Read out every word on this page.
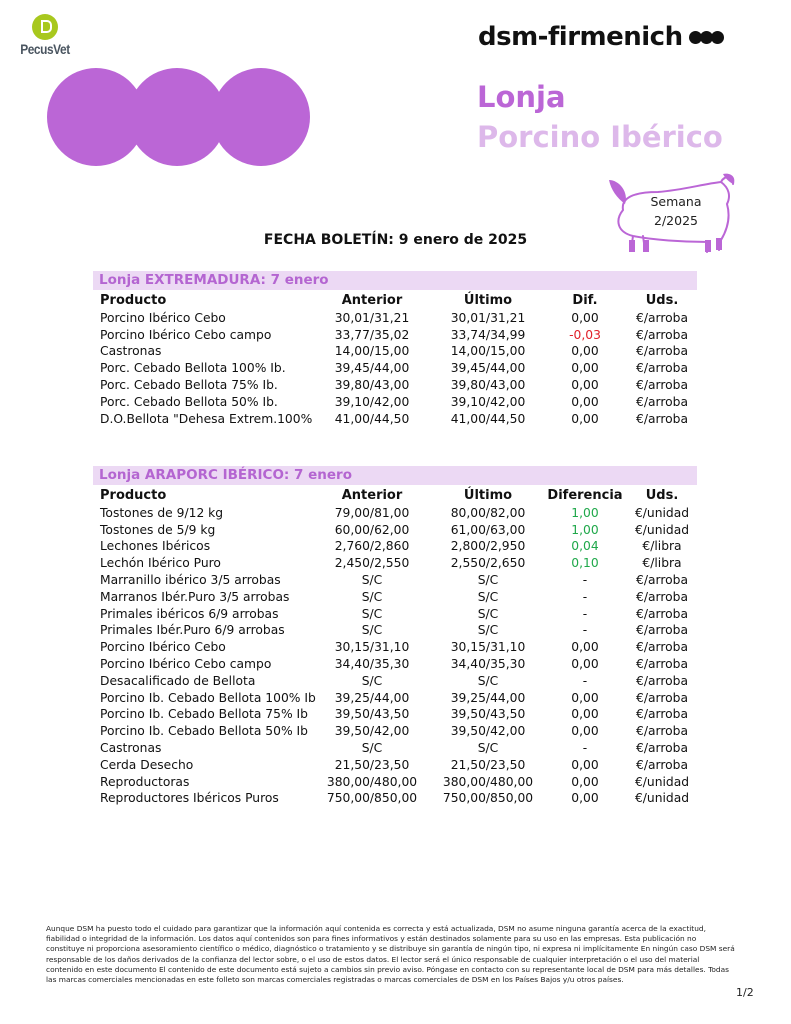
PecusVet	dsm-firmenich
Lonja
Porcino Ibérico
Semana
2/2025
FECHA BOLETÍN: 9 enero de 2025
Lonja EXTREMADURA: 7 enero
Producto	Anterior	Último	Dif.	Uds.
Porcino Ibérico Cebo	30,01/31,21	30,01/31,21	0,00	€/arroba
Porcino Ibérico Cebo campo	33,77/35,02	33,74/34,99	-0,03	€/arroba
Castronas	14,00/15,00	14,00/15,00	0,00	€/arroba
Porc. Cebado Bellota 100% Ib.	39,45/44,00	39,45/44,00	0,00	€/arroba
Porc. Cebado Bellota 75% Ib.	39,80/43,00	39,80/43,00	0,00	€/arroba
Porc. Cebado Bellota 50% Ib.	39,10/42,00	39,10/42,00	0,00	€/arroba
D.O.Bellota "Dehesa Extrem.100%	41,00/44,50	41,00/44,50	0,00	€/arroba
Lonja ARAPORC IBÉRICO: 7 enero
Producto	Anterior	Último	Diferencia	Uds.
Tostones de 9/12 kg	79,00/81,00	80,00/82,00	1,00	€/unidad
Tostones de 5/9 kg	60,00/62,00	61,00/63,00	1,00	€/unidad
Lechones Ibéricos	2,760/2,860	2,800/2,950	0,04	€/libra
Lechón Ibérico Puro	2,450/2,550	2,550/2,650	0,10	€/libra
Marranillo ibérico 3/5 arrobas	S/C	S/C	-	€/arroba
Marranos Ibér.Puro 3/5 arrobas	S/C	S/C	-	€/arroba
Primales ibéricos 6/9 arrobas	S/C	S/C	-	€/arroba
Primales Ibér.Puro 6/9 arrobas	S/C	S/C	-	€/arroba
Porcino Ibérico Cebo	30,15/31,10	30,15/31,10	0,00	€/arroba
Porcino Ibérico Cebo campo	34,40/35,30	34,40/35,30	0,00	€/arroba
Desacalificado de Bellota	S/C	S/C	-	€/arroba
Porcino Ib. Cebado Bellota 100% Ib	39,25/44,00	39,25/44,00	0,00	€/arroba
Porcino Ib. Cebado Bellota 75% Ib	39,50/43,50	39,50/43,50	0,00	€/arroba
Porcino Ib. Cebado Bellota 50% Ib	39,50/42,00	39,50/42,00	0,00	€/arroba
Castronas	S/C	S/C	-	€/arroba
Cerda Desecho	21,50/23,50	21,50/23,50	0,00	€/arroba
Reproductoras	380,00/480,00	380,00/480,00	0,00	€/unidad
Reproductores Ibéricos Puros	750,00/850,00	750,00/850,00	0,00	€/unidad
Aunque DSM ha puesto todo el cuidado para garantizar que la información aquí contenida es correcta y está actualizada, DSM no asume ninguna garantía acerca de la exactitud, fiabilidad o integridad de la información. Los datos aquí contenidos son para fines informativos y están destinados solamente para su uso en las empresas. Esta publicación no constituye ni proporciona asesoramiento científico o médico, diagnóstico o tratamiento y se distribuye sin garantía de ningún tipo, ni expresa ni implícitamente En ningún caso DSM será responsable de los daños derivados de la confianza del lector sobre, o el uso de estos datos. El lector será el único responsable de cualquier interpretación o el uso del material contenido en este documento El contenido de este documento está sujeto a cambios sin previo aviso. Póngase en contacto con su representante local de DSM para más detalles. Todas las marcas comerciales mencionadas en este folleto son marcas comerciales registradas o marcas comerciales de DSM en los Países Bajos y/u otros países.
1/2
